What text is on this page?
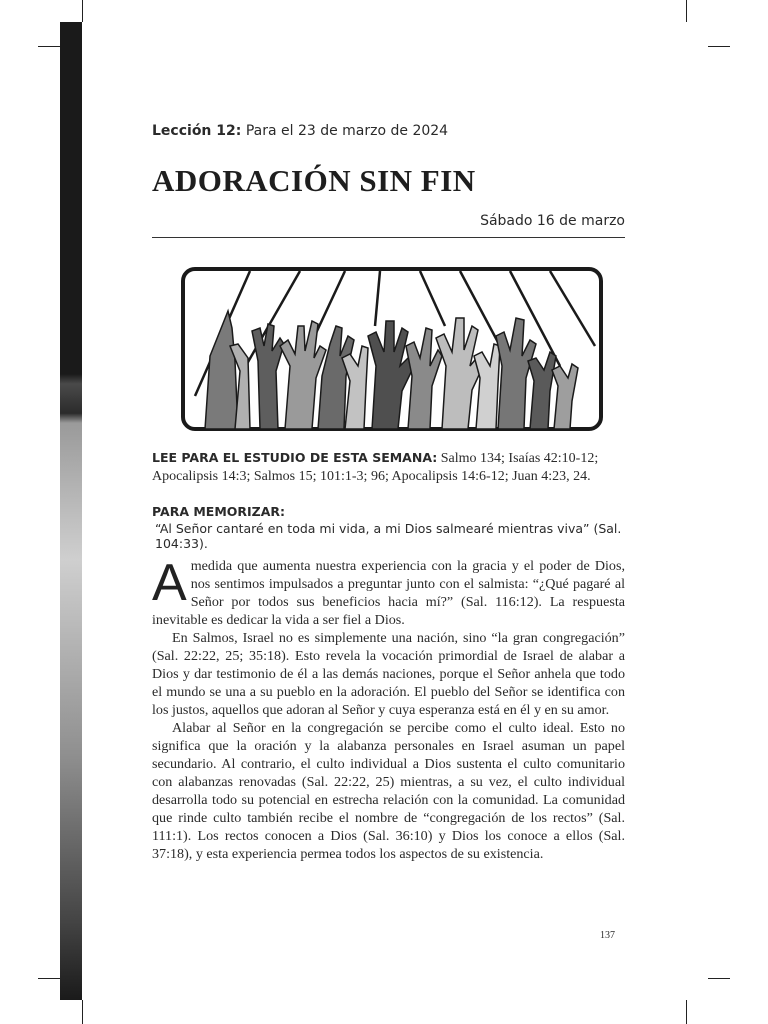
Lección 12: Para el 23 de marzo de 2024
ADORACIÓN SIN FIN
Sábado 16 de marzo
LEE PARA EL ESTUDIO DE ESTA SEMANA: Salmo 134; Isaías 42:10-12; Apocalipsis 14:3; Salmos 15; 101:1-3; 96; Apocalipsis 14:6-12; Juan 4:23, 24.
PARA MEMORIZAR:
“Al Señor cantaré en toda mi vida, a mi Dios salmearé mientras viva” (Sal. 104:33).

Amedida que aumenta nuestra experiencia con la gracia y el poder de Dios, nos sentimos impulsados a preguntar junto con el salmista: “¿Qué pagaré al Señor por todos sus beneficios hacia mí?” (Sal. 116:12). La respuesta inevitable es dedicar la vida a ser fiel a Dios.

En Salmos, Israel no es simplemente una nación, sino “la gran congregación” (Sal. 22:22, 25; 35:18). Esto revela la vocación primordial de Israel de alabar a Dios y dar testimonio de él a las demás naciones, porque el Señor anhela que todo el mundo se una a su pueblo en la adoración. El pueblo del Señor se identifica con los justos, aquellos que adoran al Señor y cuya esperanza está en él y en su amor.

Alabar al Señor en la congregación se percibe como el culto ideal. Esto no significa que la oración y la alabanza personales en Israel asuman un papel secundario. Al contrario, el culto individual a Dios sustenta el culto comunitario con alabanzas renovadas (Sal. 22:22, 25) mientras, a su vez, el culto individual desarrolla todo su potencial en estrecha relación con la comunidad. La comunidad que rinde culto también recibe el nombre de “congregación de los rectos” (Sal. 111:1). Los rectos conocen a Dios (Sal. 36:10) y Dios los conoce a ellos (Sal. 37:18), y esta experiencia permea todos los aspectos de su existencia.

137
